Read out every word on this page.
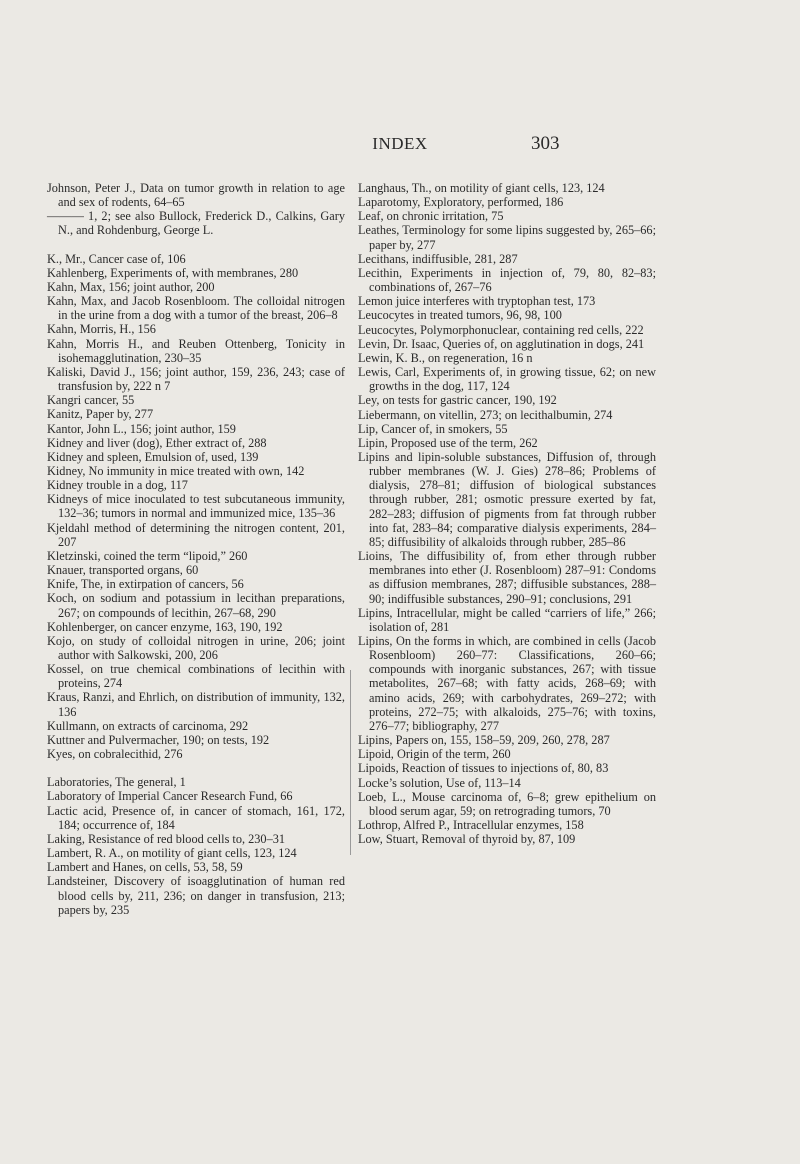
INDEX	303
Johnson, Peter J., Data on tumor growth in relation to age and sex of rodents, 64–65
——— 1, 2; see also Bullock, Frederick D., Calkins, Gary N., and Rohdenburg, George L.
K., Mr., Cancer case of, 106
Kahlenberg, Experiments of, with membranes, 280
Kahn, Max, 156; joint author, 200
Kahn, Max, and Jacob Rosenbloom. The colloidal nitrogen in the urine from a dog with a tumor of the breast, 206–8
Kahn, Morris, H., 156
Kahn, Morris H., and Reuben Ottenberg, Tonicity in isohemagglutination, 230–35
Kaliski, David J., 156; joint author, 159, 236, 243; case of transfusion by, 222 n 7
Kangri cancer, 55
Kanitz, Paper by, 277
Kantor, John L., 156; joint author, 159
Kidney and liver (dog), Ether extract of, 288
Kidney and spleen, Emulsion of, used, 139
Kidney, No immunity in mice treated with own, 142
Kidney trouble in a dog, 117
Kidneys of mice inoculated to test subcutaneous immunity, 132–36; tumors in normal and immunized mice, 135–36
Kjeldahl method of determining the nitrogen content, 201, 207
Kletzinski, coined the term “lipoid,” 260
Knauer, transported organs, 60
Knife, The, in extirpation of cancers, 56
Koch, on sodium and potassium in lecithan preparations, 267; on compounds of lecithin, 267–68, 290
Kohlenberger, on cancer enzyme, 163, 190, 192
Kojo, on study of colloidal nitrogen in urine, 206; joint author with Salkowski, 200, 206
Kossel, on true chemical combinations of lecithin with proteins, 274
Kraus, Ranzi, and Ehrlich, on distribution of immunity, 132, 136
Kullmann, on extracts of carcinoma, 292
Kuttner and Pulvermacher, 190; on tests, 192
Kyes, on cobralecithid, 276
Laboratories, The general, 1
Laboratory of Imperial Cancer Research Fund, 66
Lactic acid, Presence of, in cancer of stomach, 161, 172, 184; occurrence of, 184
Laking, Resistance of red blood cells to, 230–31
Lambert, R. A., on motility of giant cells, 123, 124
Lambert and Hanes, on cells, 53, 58, 59
Landsteiner, Discovery of isoagglutination of human red blood cells by, 211, 236; on danger in transfusion, 213; papers by, 235
Langhaus, Th., on motility of giant cells, 123, 124
Laparotomy, Exploratory, performed, 186
Leaf, on chronic irritation, 75
Leathes, Terminology for some lipins suggested by, 265–66; paper by, 277
Lecithans, indiffusible, 281, 287
Lecithin, Experiments in injection of, 79, 80, 82–83; combinations of, 267–76
Lemon juice interferes with tryptophan test, 173
Leucocytes in treated tumors, 96, 98, 100
Leucocytes, Polymorphonuclear, containing red cells, 222
Levin, Dr. Isaac, Queries of, on agglutination in dogs, 241
Lewin, K. B., on regeneration, 16 n
Lewis, Carl, Experiments of, in growing tissue, 62; on new growths in the dog, 117, 124
Ley, on tests for gastric cancer, 190, 192
Liebermann, on vitellin, 273; on lecithalbumin, 274
Lip, Cancer of, in smokers, 55
Lipin, Proposed use of the term, 262
Lipins and lipin-soluble substances, Diffusion of, through rubber membranes (W. J. Gies) 278–86; Problems of dialysis, 278–81; diffusion of biological substances through rubber, 281; osmotic pressure exerted by fat, 282–283; diffusion of pigments from fat through rubber into fat, 283–84; comparative dialysis experiments, 284–85; diffusibility of alkaloids through rubber, 285–86
Lioins, The diffusibility of, from ether through rubber membranes into ether (J. Rosenbloom) 287–91: Condoms as diffusion membranes, 287; diffusible substances, 288–90; indiffusible substances, 290–91; conclusions, 291
Lipins, Intracellular, might be called “carriers of life,” 266; isolation of, 281
Lipins, On the forms in which, are combined in cells (Jacob Rosenbloom) 260–77: Classifications, 260–66; compounds with inorganic substances, 267; with tissue metabolites, 267–68; with fatty acids, 268–69; with amino acids, 269; with carbohydrates, 269–272; with proteins, 272–75; with alkaloids, 275–76; with toxins, 276–77; bibliography, 277
Lipins, Papers on, 155, 158–59, 209, 260, 278, 287
Lipoid, Origin of the term, 260
Lipoids, Reaction of tissues to injections of, 80, 83
Locke’s solution, Use of, 113–14
Loeb, L., Mouse carcinoma of, 6–8; grew epithelium on blood serum agar, 59; on retrograding tumors, 70
Lothrop, Alfred P., Intracellular enzymes, 158
Low, Stuart, Removal of thyroid by, 87, 109
